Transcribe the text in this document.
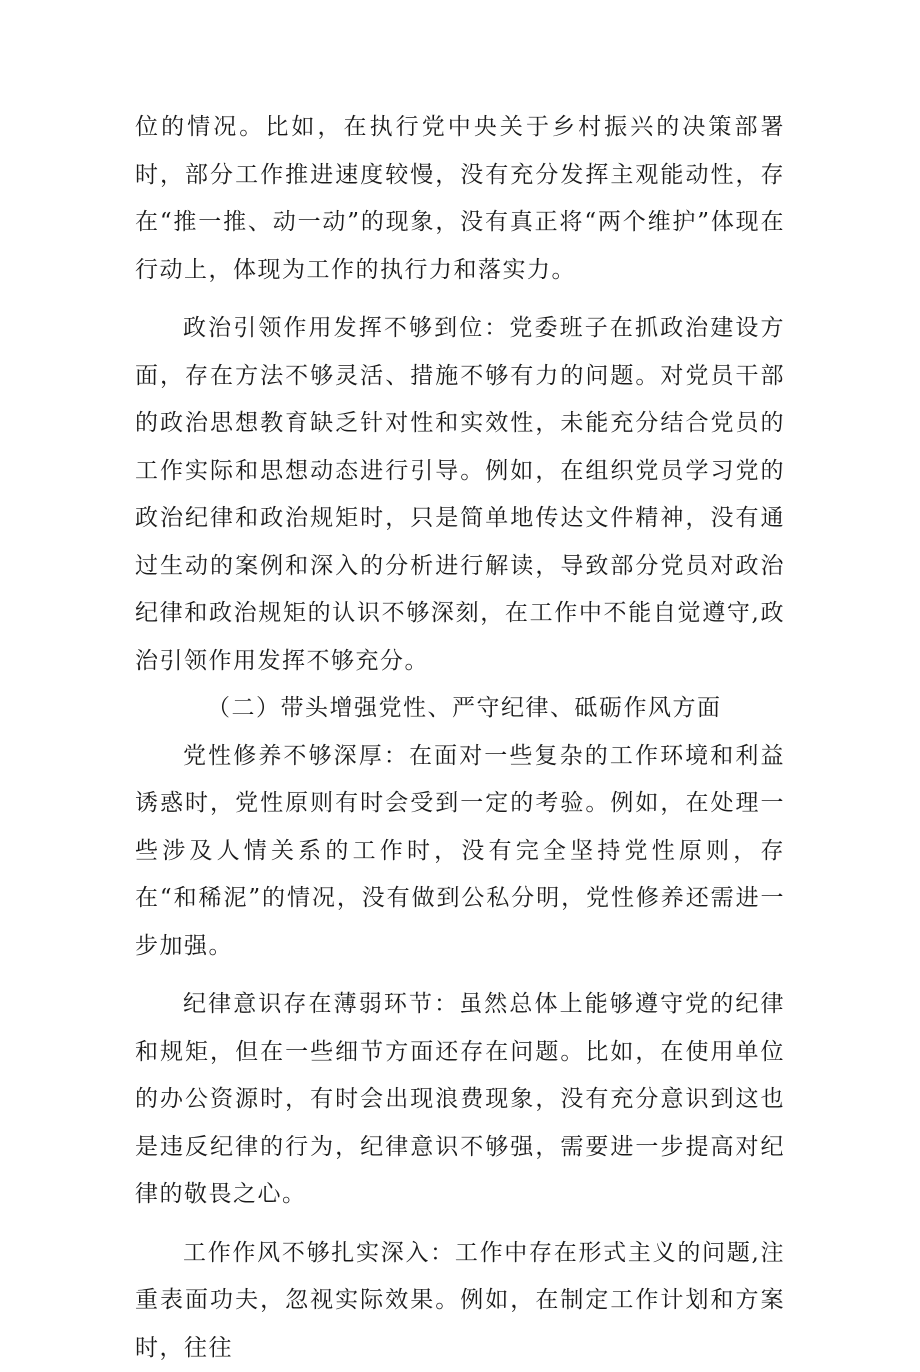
位的情况。比如，在执行党中央关于乡村振兴的决策部署时，部分工作推进速度较慢，没有充分发挥主观能动性，存在“推一推、动一动”的现象，没有真正将“两个维护”体现在行动上，体现为工作的执行力和落实力。

政治引领作用发挥不够到位：党委班子在抓政治建设方面，存在方法不够灵活、措施不够有力的问题。对党员干部的政治思想教育缺乏针对性和实效性，未能充分结合党员的工作实际和思想动态进行引导。例如，在组织党员学习党的政治纪律和政治规矩时，只是简单地传达文件精神，没有通过生动的案例和深入的分析进行解读，导致部分党员对政治纪律和政治规矩的认识不够深刻，在工作中不能自觉遵守,政治引领作用发挥不够充分。

（二）带头增强党性、严守纪律、砥砺作风方面

党性修养不够深厚：在面对一些复杂的工作环境和利益诱惑时，党性原则有时会受到一定的考验。例如，在处理一些涉及人情关系的工作时，没有完全坚持党性原则，存在“和稀泥”的情况，没有做到公私分明，党性修养还需进一步加强。

纪律意识存在薄弱环节：虽然总体上能够遵守党的纪律和规矩，但在一些细节方面还存在问题。比如，在使用单位的办公资源时，有时会出现浪费现象，没有充分意识到这也是违反纪律的行为，纪律意识不够强，需要进一步提高对纪律的敬畏之心。

工作作风不够扎实深入：工作中存在形式主义的问题,注重表面功夫，忽视实际效果。例如，在制定工作计划和方案时，往往
